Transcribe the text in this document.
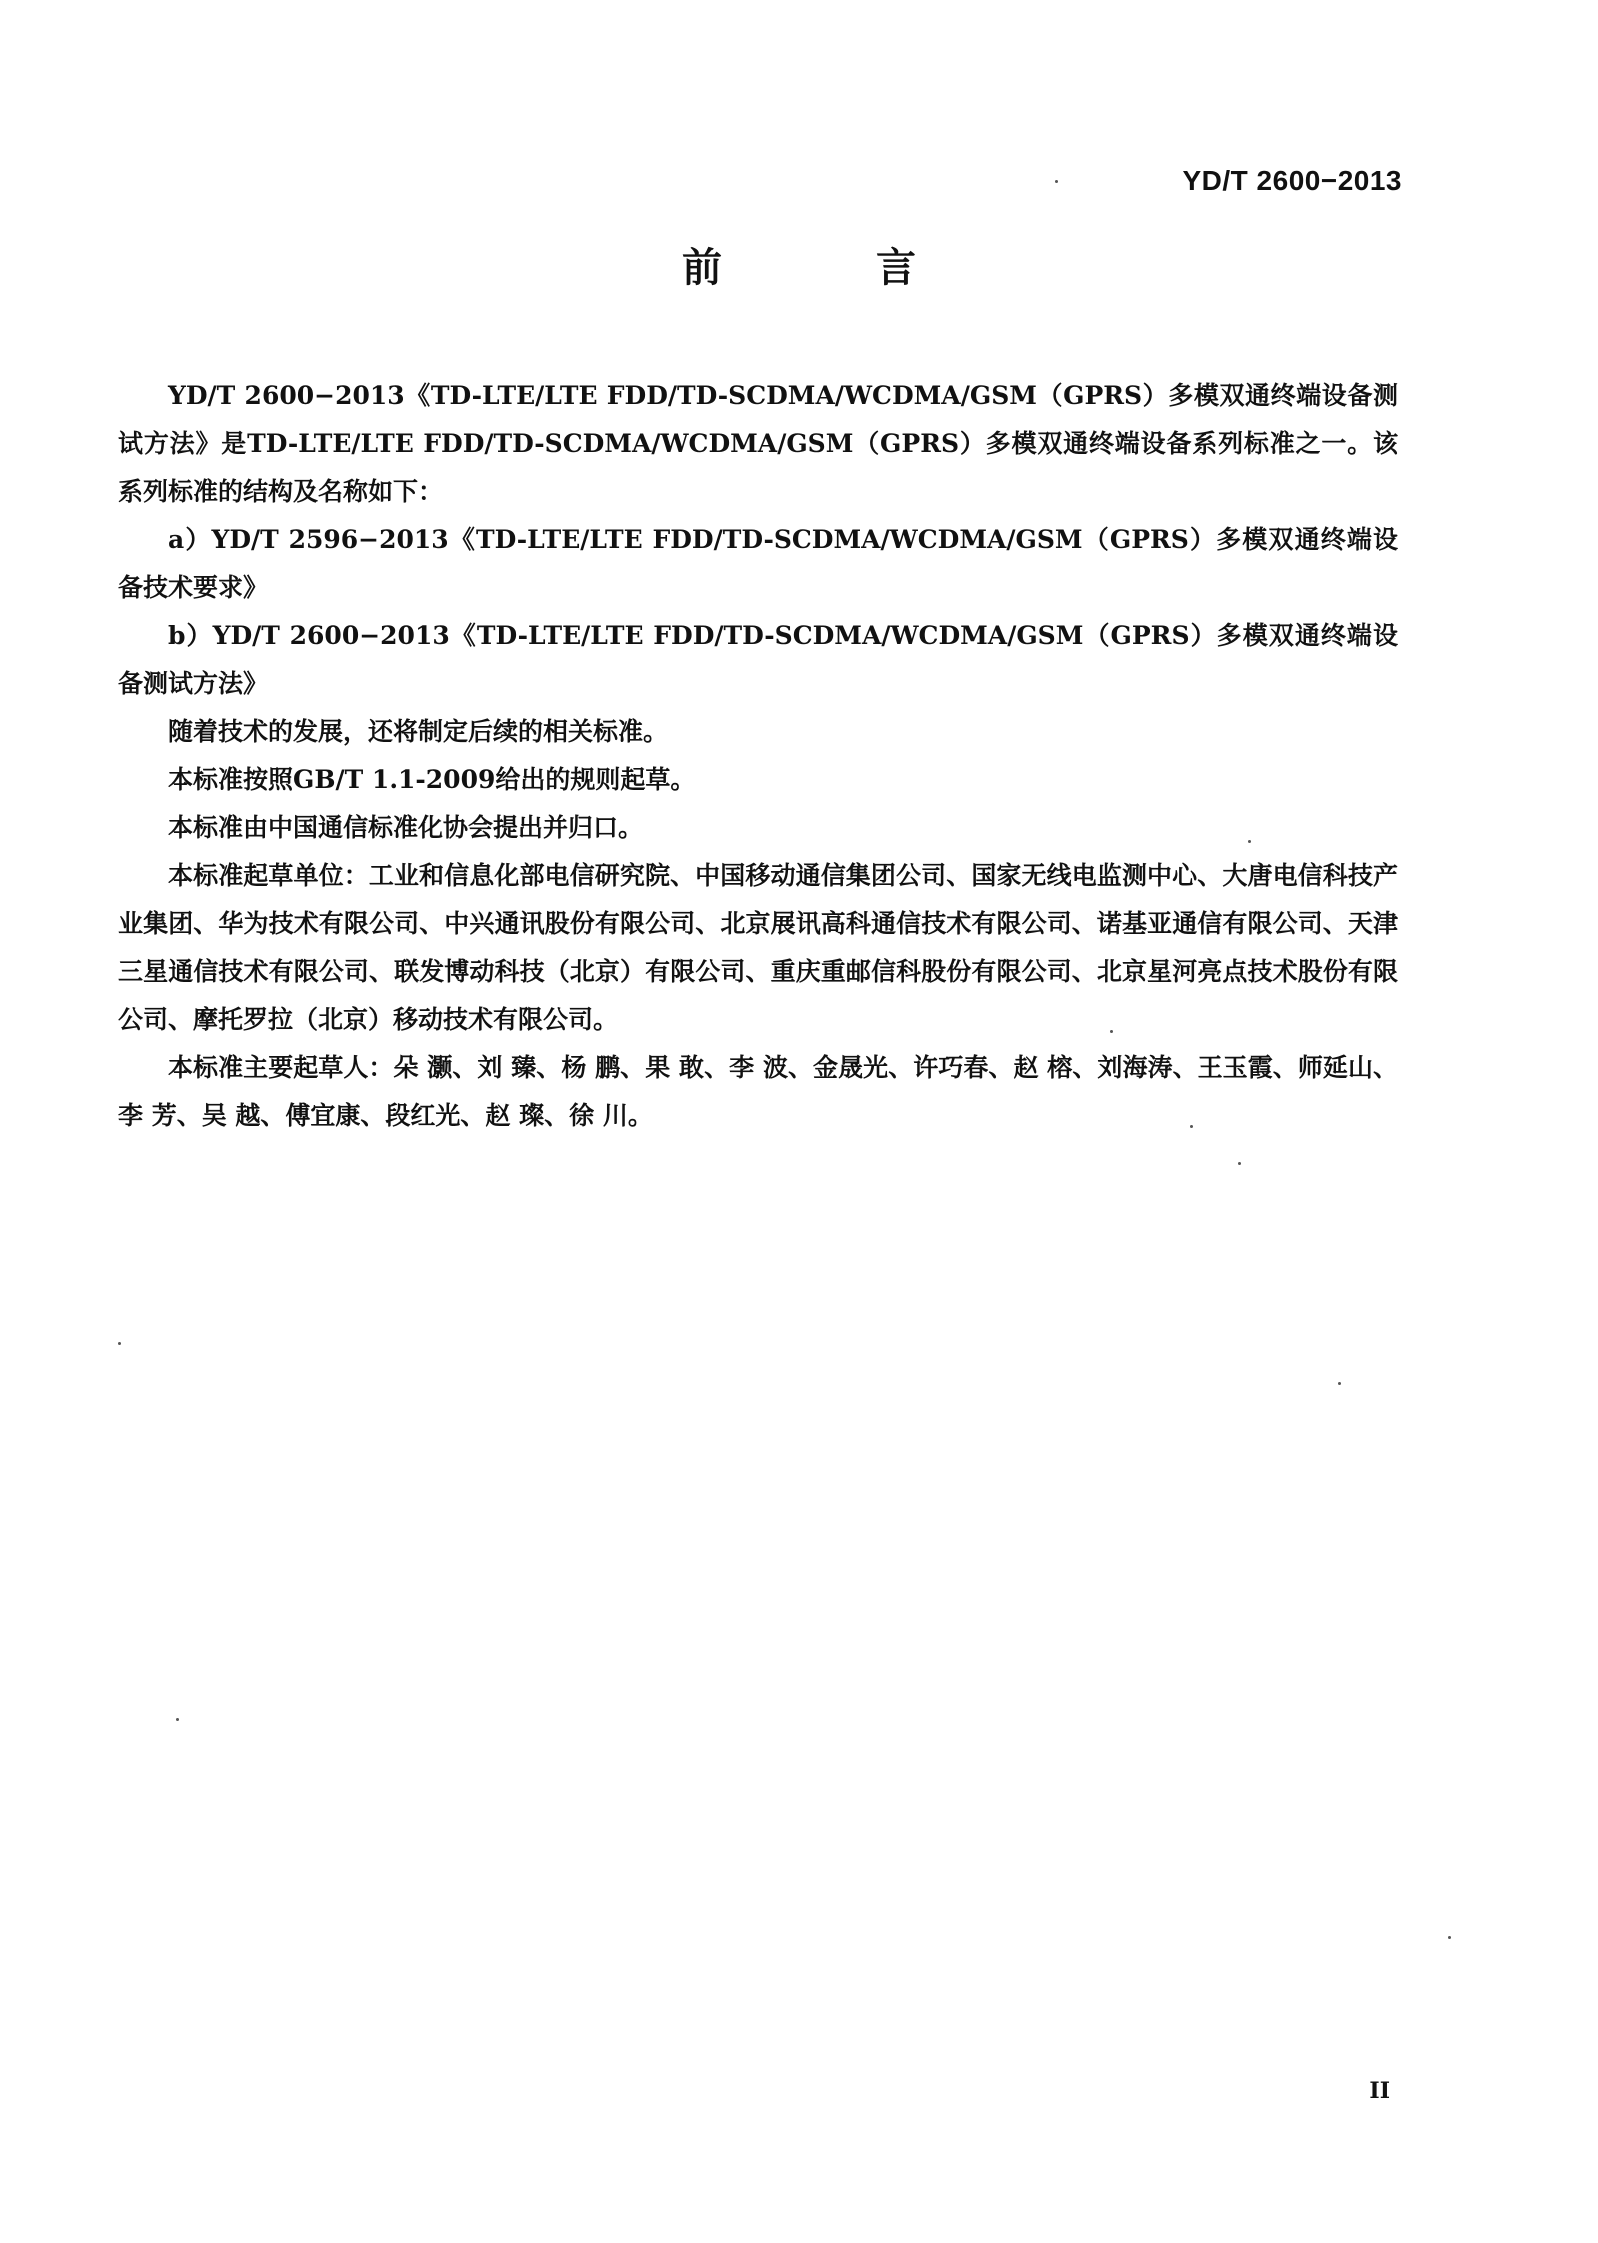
YD/T 2600−2013
前 言

YD/T 2600−2013《TD-LTE/LTE FDD/TD-SCDMA/WCDMA/GSM（GPRS）多模双通终端设备测试方法》是TD-LTE/LTE FDD/TD-SCDMA/WCDMA/GSM（GPRS）多模双通终端设备系列标准之一。该系列标准的结构及名称如下：

a）YD/T 2596−2013《TD-LTE/LTE FDD/TD-SCDMA/WCDMA/GSM（GPRS）多模双通终端设备技术要求》

b）YD/T 2600−2013《TD-LTE/LTE FDD/TD-SCDMA/WCDMA/GSM（GPRS）多模双通终端设备测试方法》

随着技术的发展，还将制定后续的相关标准。

本标准按照GB/T 1.1-2009给出的规则起草。

本标准由中国通信标准化协会提出并归口。

本标准起草单位：工业和信息化部电信研究院、中国移动通信集团公司、国家无线电监测中心、大唐电信科技产业集团、华为技术有限公司、中兴通讯股份有限公司、北京展讯高科通信技术有限公司、诺基亚通信有限公司、天津三星通信技术有限公司、联发博动科技（北京）有限公司、重庆重邮信科股份有限公司、北京星河亮点技术股份有限公司、摩托罗拉（北京）移动技术有限公司。

本标准主要起草人：朵 灏、刘 臻、杨 鹏、果 敢、李 波、金晟光、许巧春、赵 榕、刘海涛、王玉霞、师延山、李 芳、吴 越、傅宜康、段红光、赵 璨、徐 川。

II
